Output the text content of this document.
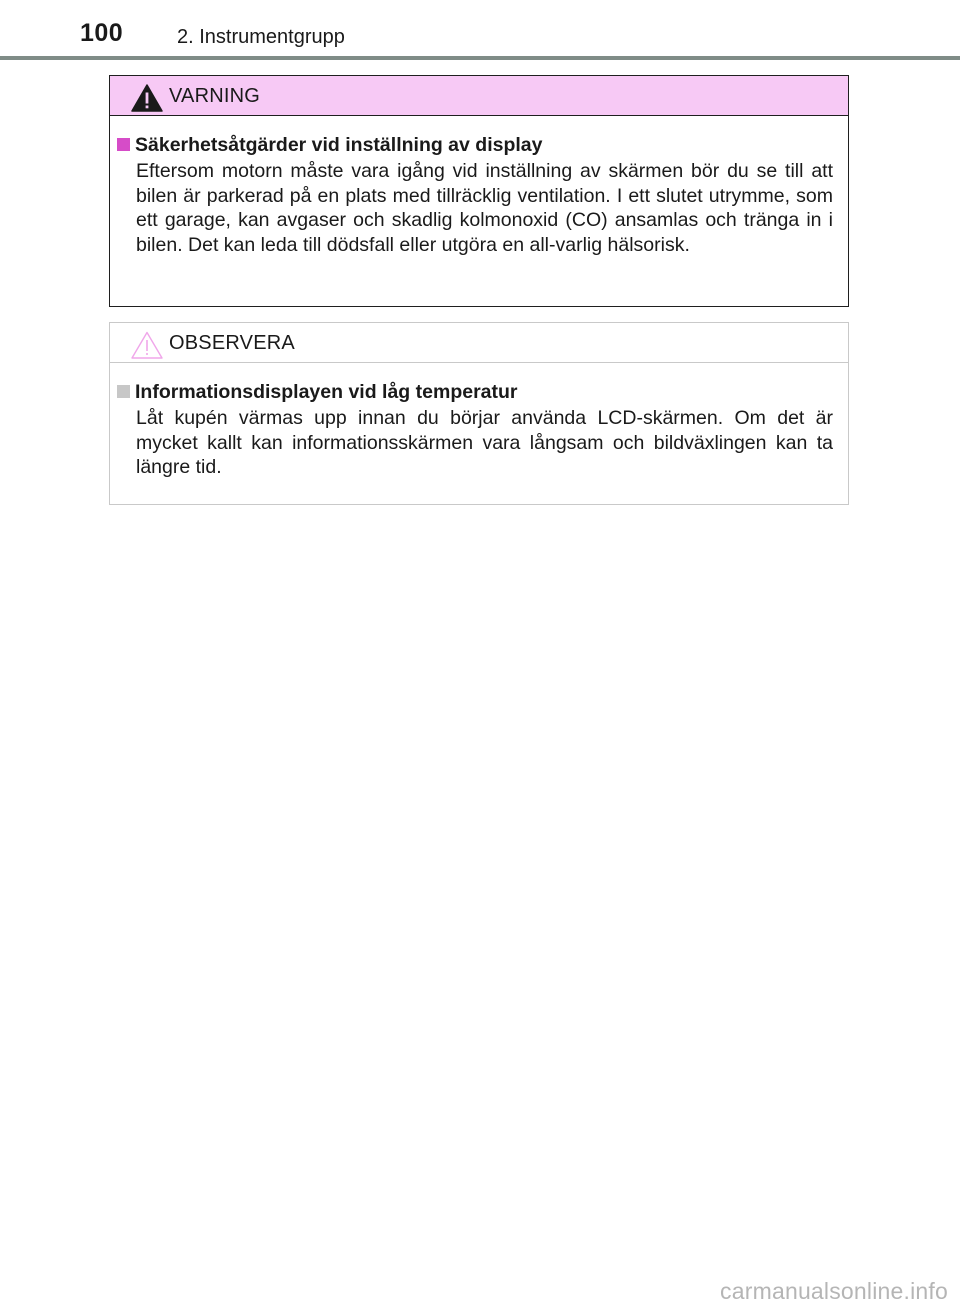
100	2. Instrumentgrupp
VARNING
Säkerhetsåtgärder vid inställning av display
Eftersom motorn måste vara igång vid inställning av skärmen bör du se till att bilen är parkerad på en plats med tillräcklig ventilation. I ett slutet utrymme, som ett garage, kan avgaser och skadlig kolmonoxid (CO) ansamlas och tränga in i bilen. Det kan leda till dödsfall eller utgöra en all-varlig hälsorisk.
OBSERVERA
Informationsdisplayen vid låg temperatur
Låt kupén värmas upp innan du börjar använda LCD-skärmen. Om det är mycket kallt kan informationsskärmen vara långsam och bildväxlingen kan ta längre tid.
carmanualsonline.info
